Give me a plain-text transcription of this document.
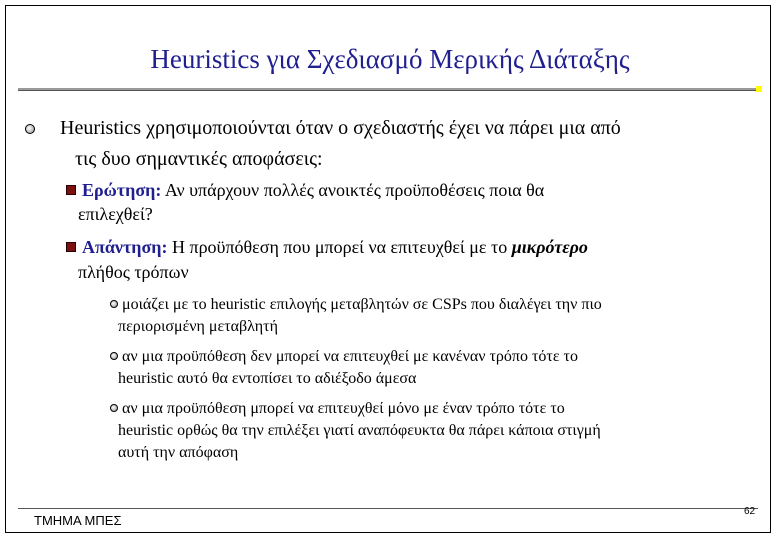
Heuristics για Σχεδιασμό Μερικής Διάταξης
Heuristics χρησιμοποιούνται όταν ο σχεδιαστής έχει να πάρει μια από
τις δυο σημαντικές αποφάσεις:
Ερώτηση: Αν υπάρχουν πολλές ανοικτές προϋποθέσεις ποια θα
επιλεχθεί?
Απάντηση: Η προϋπόθεση που μπορεί να επιτευχθεί με το μικρότερο
πλήθος τρόπων
μοιάζει με το heuristic επιλογής μεταβλητών σε CSPs που διαλέγει την πιο
περιορισμένη μεταβλητή
αν μια προϋπόθεση δεν μπορεί να επιτευχθεί με κανέναν τρόπο τότε το
heuristic αυτό θα εντοπίσει το αδιέξοδο άμεσα
αν μια προϋπόθεση μπορεί να επιτευχθεί μόνο με έναν τρόπο τότε το
heuristic ορθώς θα την επιλέξει γιατί αναπόφευκτα θα πάρει κάποια στιγμή
αυτή την απόφαση
ΤΜΗΜΑ ΜΠΕΣ
62
